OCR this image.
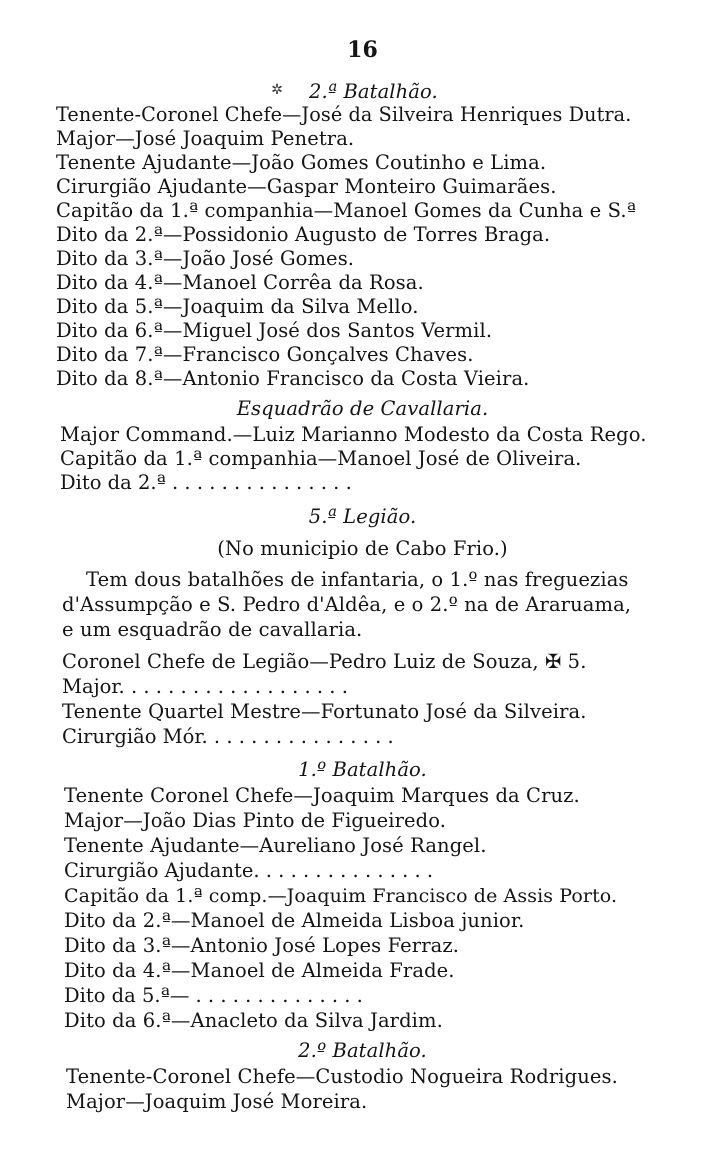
16
✲ 2.ª Batalhão.
Tenente-Coronel Chefe—José da Silveira Henriques Dutra.
Major—José Joaquim Penetra.
Tenente Ajudante—João Gomes Coutinho e Lima.
Cirurgião Ajudante—Gaspar Monteiro Guimarães.
Capitão da 1.ª companhia—Manoel Gomes da Cunha e S.ª
Dito da 2.ª—Possidonio Augusto de Torres Braga.
Dito da 3.ª—João José Gomes.
Dito da 4.ª—Manoel Corrêa da Rosa.
Dito da 5.ª—Joaquim da Silva Mello.
Dito da 6.ª—Miguel José dos Santos Vermil.
Dito da 7.ª—Francisco Gonçalves Chaves.
Dito da 8.ª—Antonio Francisco da Costa Vieira.
Esquadrão de Cavallaria.
Major Command.—Luiz Marianno Modesto da Costa Rego.
Capitão da 1.ª companhia—Manoel José de Oliveira.
Dito da 2.ª . . . . . . . . . . . . . . .
5.ª Legião.
(No municipio de Cabo Frio.)
Tem dous batalhões de infantaria, o 1.º nas freguezias
d'Assumpção e S. Pedro d'Aldêa, e o 2.º na de Araruama,
e um esquadrão de cavallaria.
Coronel Chefe de Legião—Pedro Luiz de Souza, ✠ 5.
Major. . . . . . . . . . . . . . . . . . .
Tenente Quartel Mestre—Fortunato José da Silveira.
Cirurgião Mór. . . . . . . . . . . . . . . .
1.º Batalhão.
Tenente Coronel Chefe—Joaquim Marques da Cruz.
Major—João Dias Pinto de Figueiredo.
Tenente Ajudante—Aureliano José Rangel.
Cirurgião Ajudante. . . . . . . . . . . . . . .
Capitão da 1.ª comp.—Joaquim Francisco de Assis Porto.
Dito da 2.ª—Manoel de Almeida Lisboa junior.
Dito da 3.ª—Antonio José Lopes Ferraz.
Dito da 4.ª—Manoel de Almeida Frade.
Dito da 5.ª— . . . . . . . . . . . . . .
Dito da 6.ª—Anacleto da Silva Jardim.
2.º Batalhão.
Tenente-Coronel Chefe—Custodio Nogueira Rodrigues.
Major—Joaquim José Moreira.
